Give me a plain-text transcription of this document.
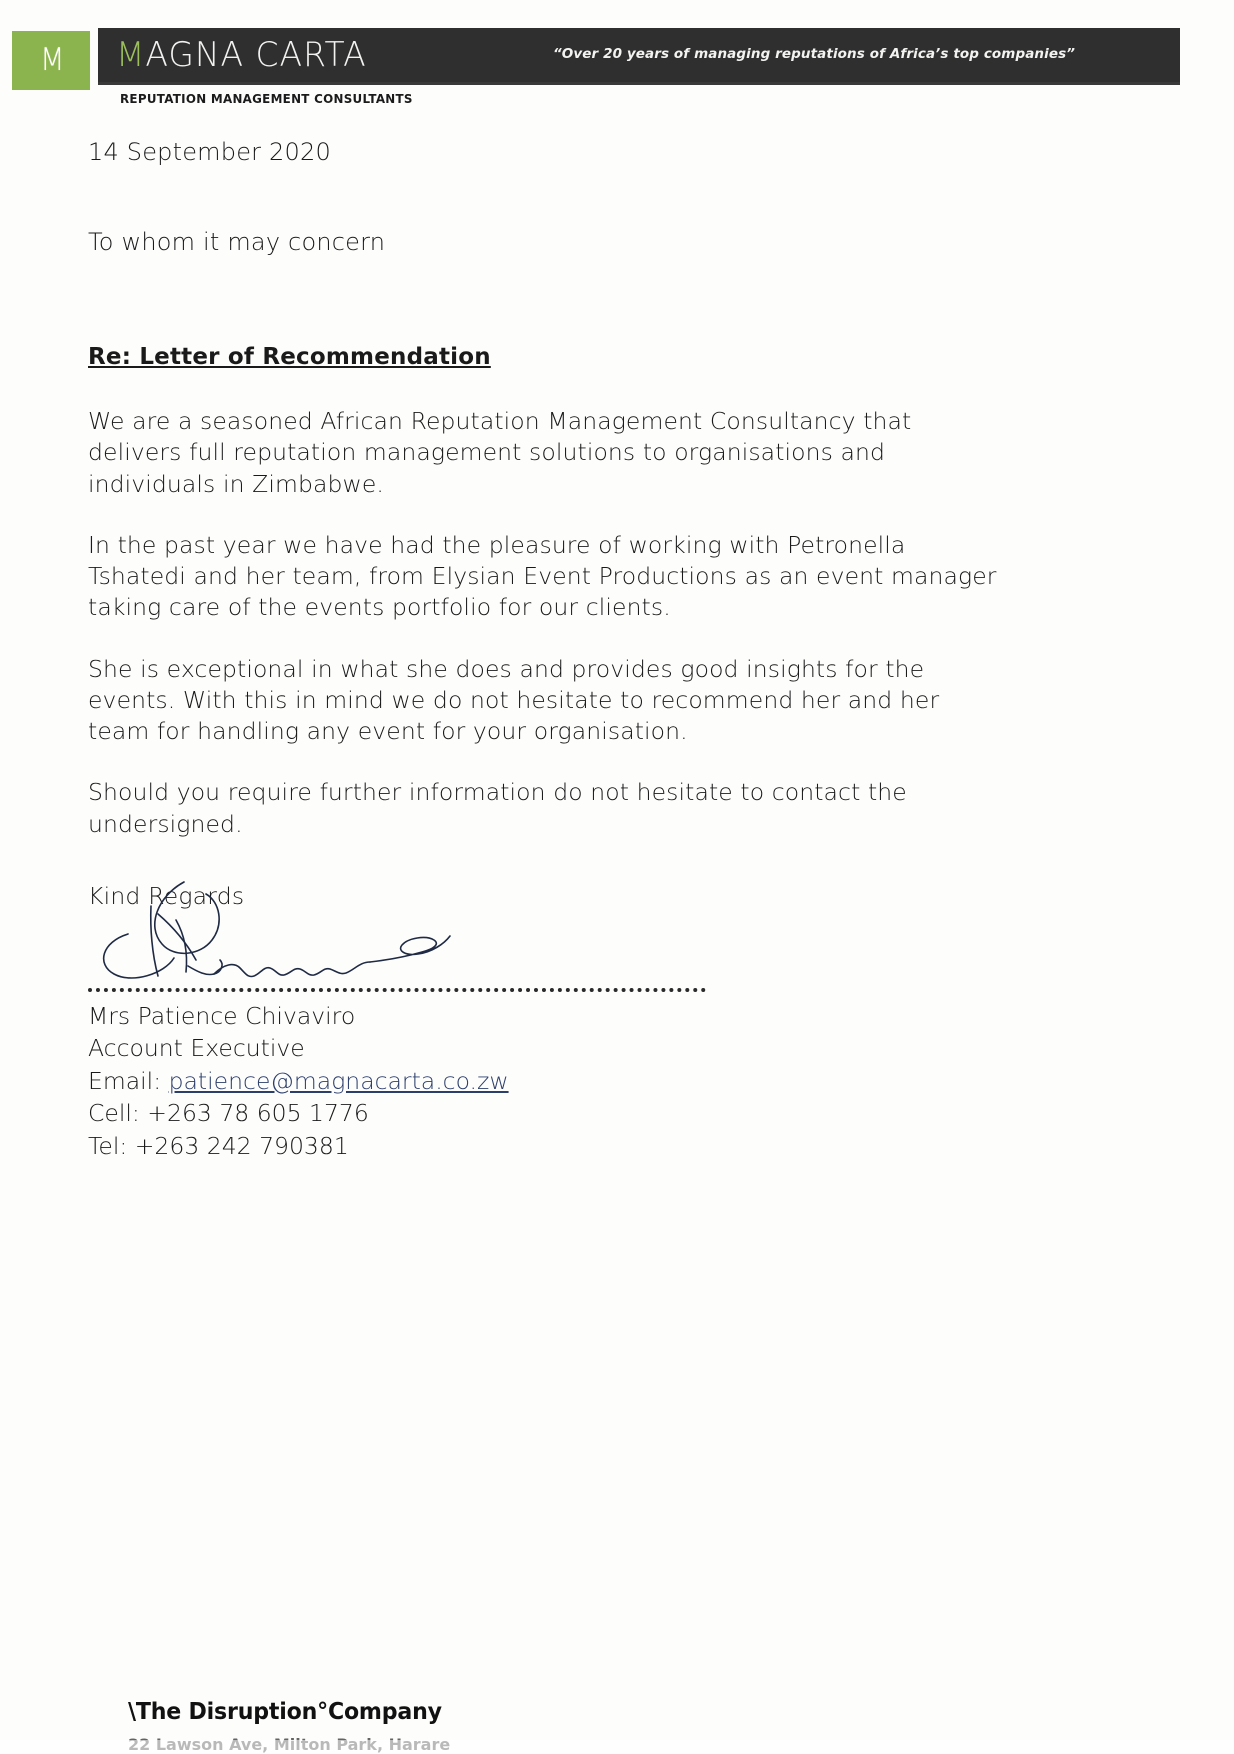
M MAGNA CARTA	“Over 20 years of managing reputations of Africa’s top companies”
REPUTATION MANAGEMENT CONSULTANTS
14 September 2020
To whom it may concern
Re: Letter of Recommendation

We are a seasoned African Reputation Management Consultancy that delivers full reputation management solutions to organisations and individuals in Zimbabwe.

In the past year we have had the pleasure of working with Petronella Tshatedi and her team, from Elysian Event Productions as an event manager taking care of the events portfolio for our clients.

She is exceptional in what she does and provides good insights for the events. With this in mind we do not hesitate to recommend her and her team for handling any event for your organisation.

Should you require further information do not hesitate to contact the undersigned.

Kind Regards
Mrs Patience Chivaviro
Account Executive
Email: patience@magnacarta.co.zw
Cell: +263 78 605 1776
Tel: +263 242 790381
\The Disruption°Company
